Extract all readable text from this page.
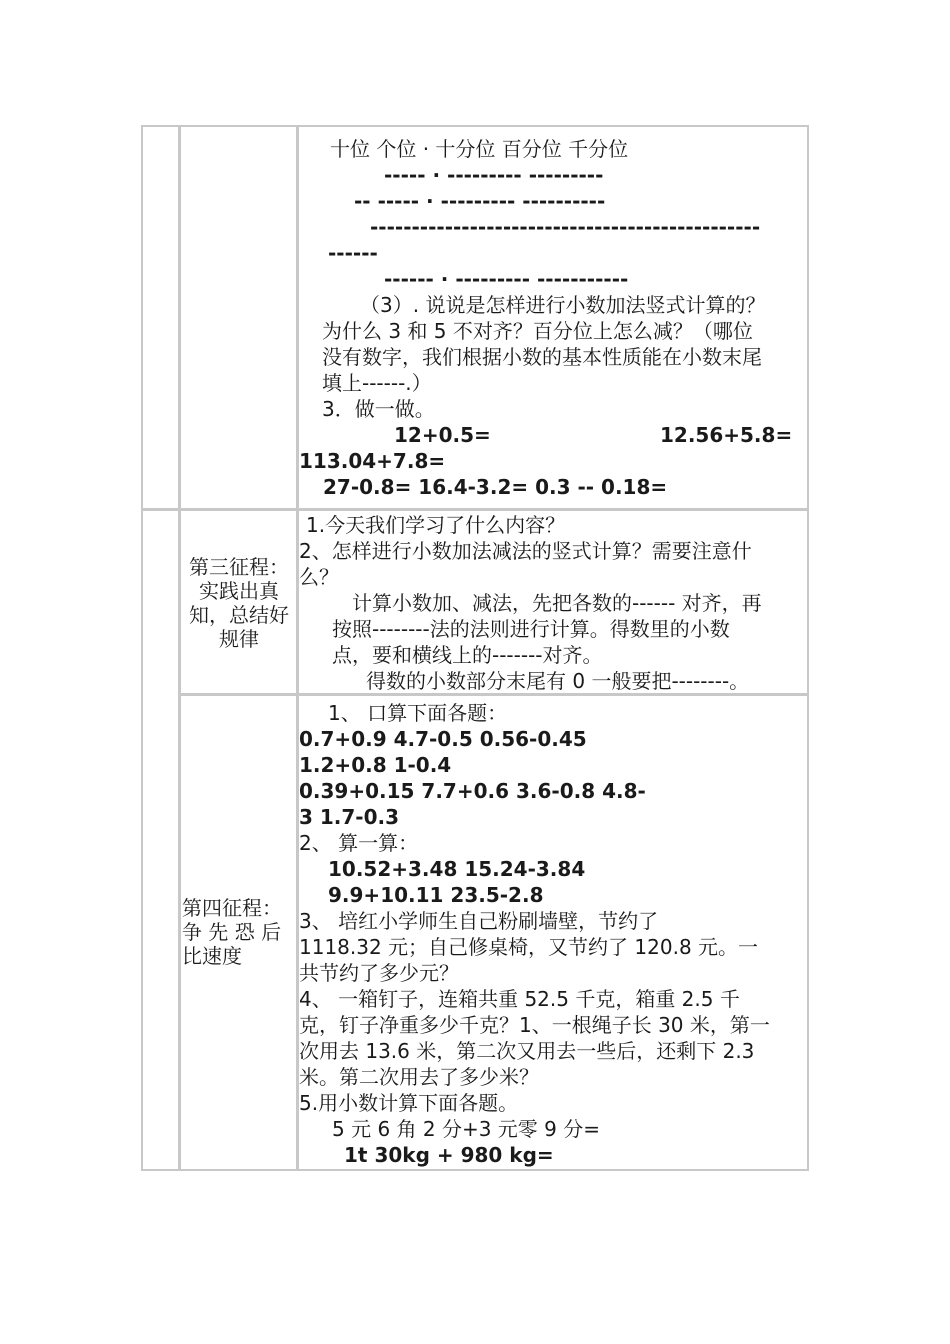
十位 个位 · 十分位 百分位 千分位
----- · --------- ---------
-- ----- · --------- ----------
-----------------------------------------------
------
------ · --------- -----------
（3）. 说说是怎样进行小数加法竖式计算的？
为什么 3 和 5 不对齐？百分位上怎么减？（哪位
没有数字，我们根据小数的基本性质能在小数末尾
填上------.）
3．做一做。
12+0.5=	12.56+5.8=
113.04+7.8=
27-0.8= 16.4-3.2= 0.3 -- 0.18=
第三征程：
实践出真
知，总结好
规律
1.今天我们学习了什么内容？
2、怎样进行小数加法减法的竖式计算？需要注意什
么？
计算小数加、减法，先把各数的------ 对齐，再
按照--------法的法则进行计算。得数里的小数
点，要和横线上的-------对齐。
得数的小数部分末尾有 0 一般要把--------。
第四征程：
争 先 恐 后
比速度
1、 口算下面各题：
0.7+0.9 4.7-0.5 0.56-0.45
1.2+0.8 1-0.4
0.39+0.15 7.7+0.6 3.6-0.8 4.8-
3 1.7-0.3
2、 算一算：
10.52+3.48 15.24-3.84
9.9+10.11 23.5-2.8
3、 培红小学师生自己粉刷墙壁，节约了
1118.32 元；自己修桌椅，又节约了 120.8 元。一
共节约了多少元？
4、 一箱钉子，连箱共重 52.5 千克，箱重 2.5 千
克，钉子净重多少千克？1、一根绳子长 30 米，第一
次用去 13.6 米，第二次又用去一些后，还剩下 2.3
米。第二次用去了多少米？
5.用小数计算下面各题。
5 元 6 角 2 分+3 元零 9 分=
1t 30kg + 980 kg=
